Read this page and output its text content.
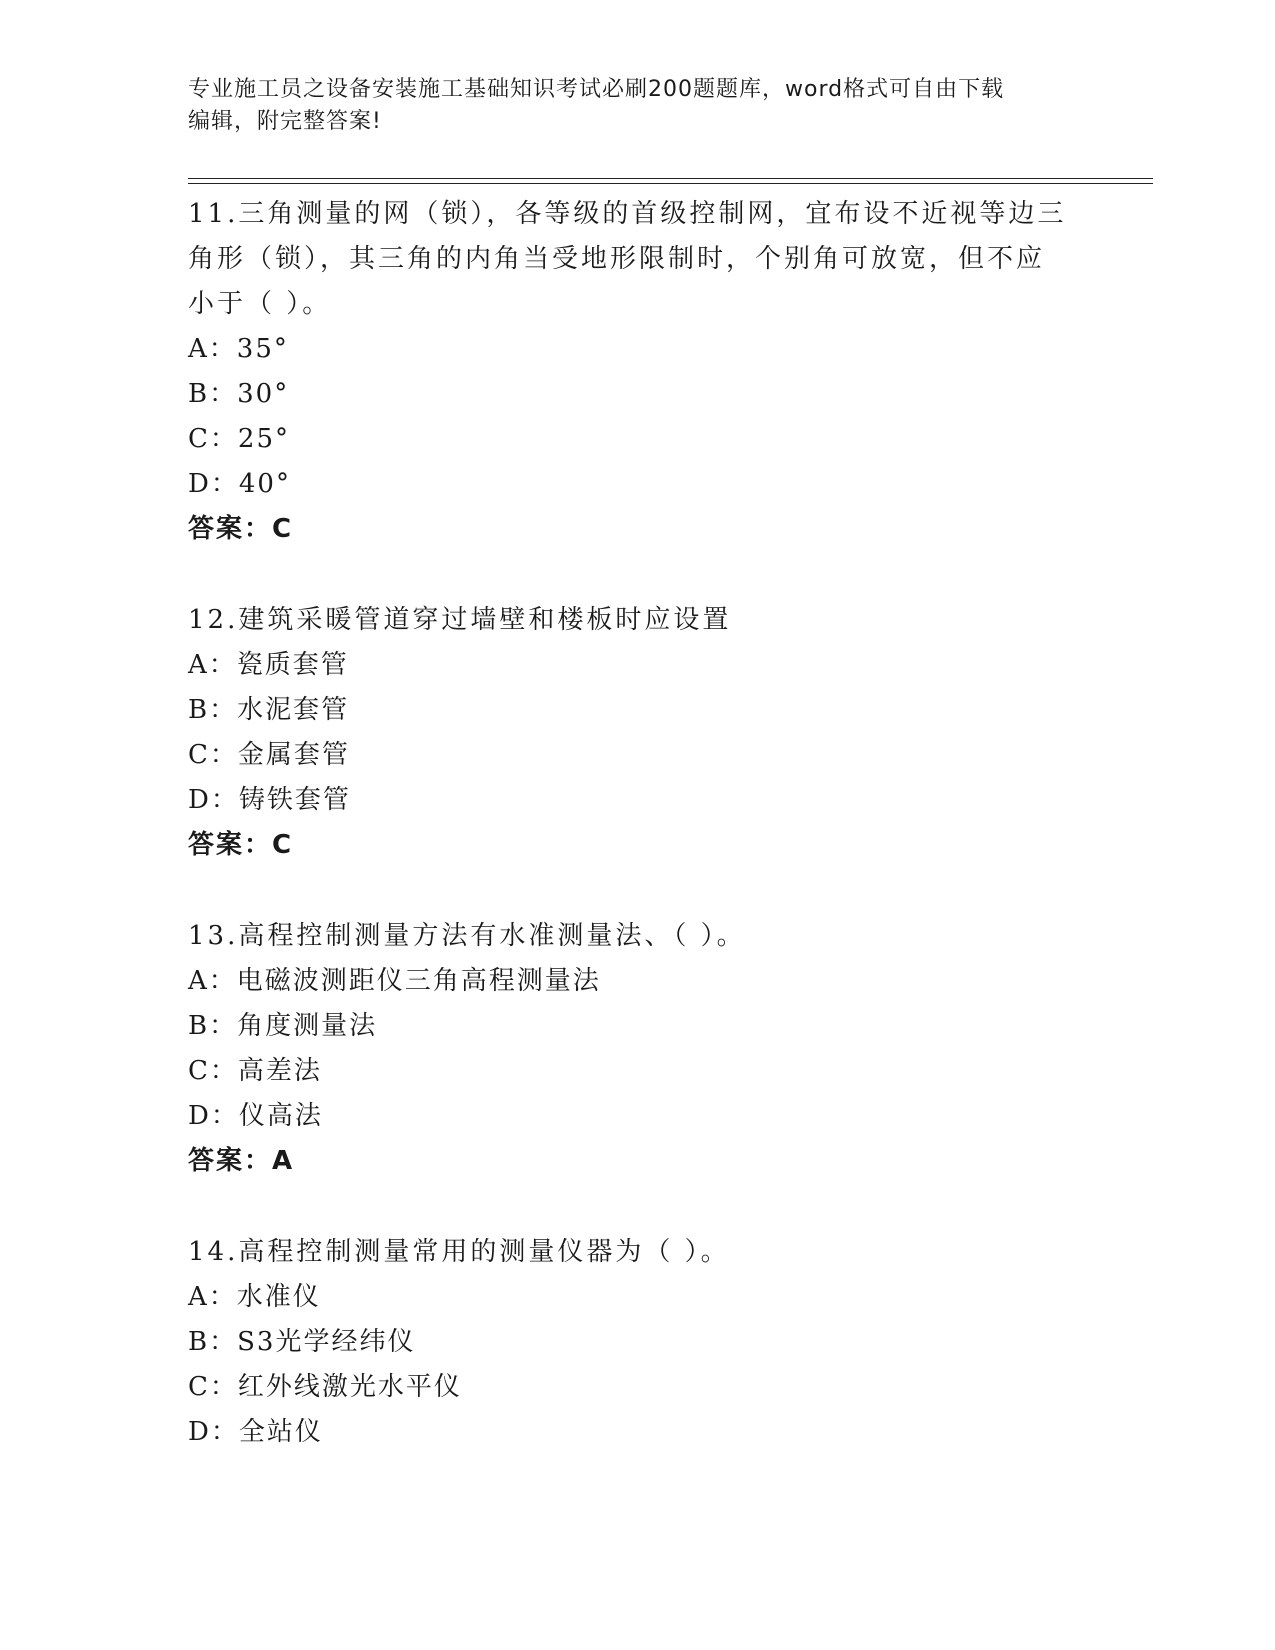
专业施工员之设备安装施工基础知识考试必刷200题题库，word格式可自由下载
编辑，附完整答案!
11.三角测量的网（锁），各等级的首级控制网，宜布设不近视等边三
角形（锁），其三角的内角当受地形限制时，个别角可放宽，但不应
小于（ ）。
A：35°
B：30°
C：25°
D：40°
答案：C
12.建筑采暖管道穿过墙壁和楼板时应设置
A：瓷质套管
B：水泥套管
C：金属套管
D：铸铁套管
答案：C
13.高程控制测量方法有水准测量法、（ ）。
A：电磁波测距仪三角高程测量法
B：角度测量法
C：高差法
D：仪高法
答案：A
14.高程控制测量常用的测量仪器为（ ）。
A：水准仪
B：S3光学经纬仪
C：红外线激光水平仪
D：全站仪
